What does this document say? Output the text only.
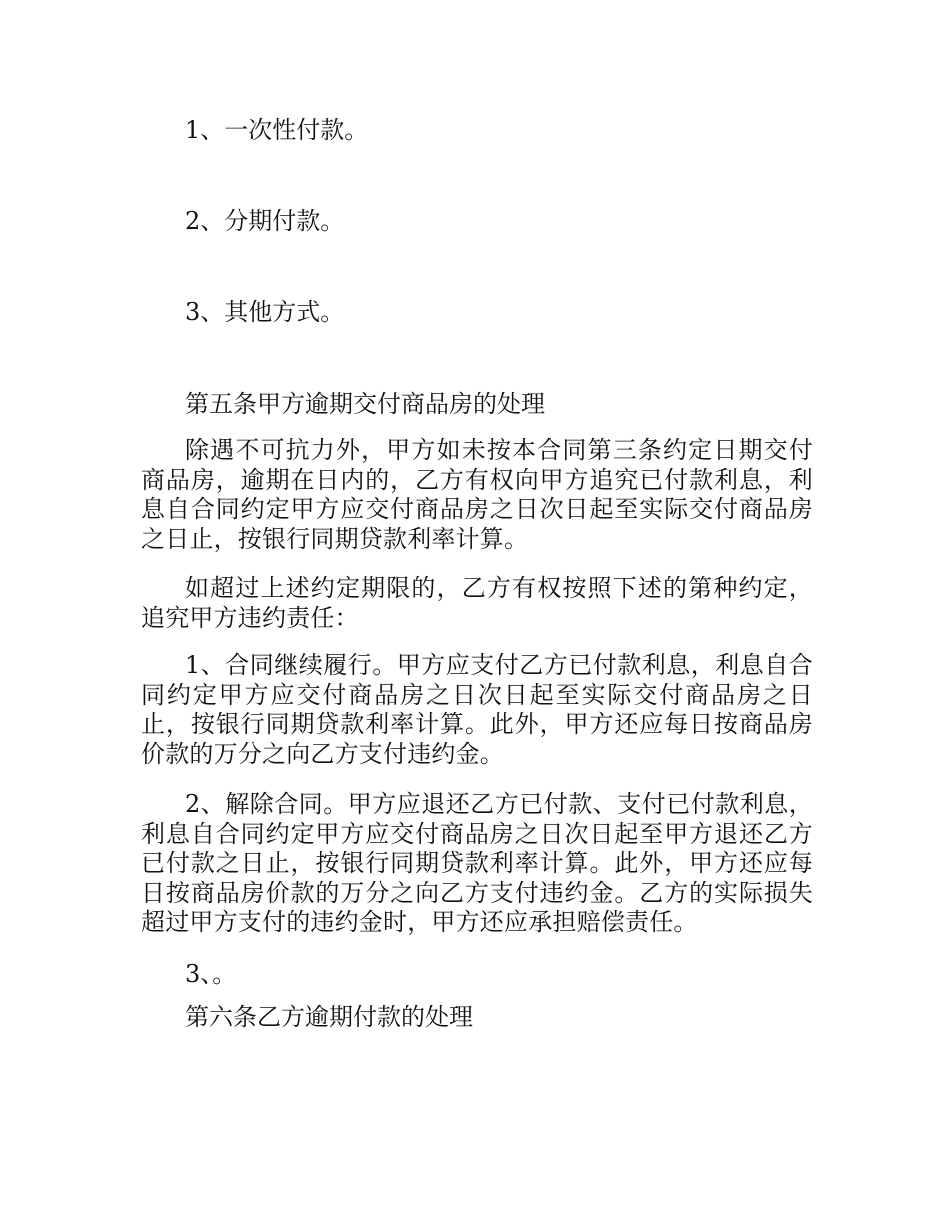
1、一次性付款。

2、分期付款。

3、其他方式。

第五条甲方逾期交付商品房的处理

除遇不可抗力外，甲方如未按本合同第三条约定日期交付商品房，逾期在日内的，乙方有权向甲方追究已付款利息，利息自合同约定甲方应交付商品房之日次日起至实际交付商品房之日止，按银行同期贷款利率计算。

如超过上述约定期限的，乙方有权按照下述的第种约定，追究甲方违约责任：

1、合同继续履行。甲方应支付乙方已付款利息，利息自合同约定甲方应交付商品房之日次日起至实际交付商品房之日止，按银行同期贷款利率计算。此外，甲方还应每日按商品房价款的万分之向乙方支付违约金。

2、解除合同。甲方应退还乙方已付款、支付已付款利息，利息自合同约定甲方应交付商品房之日次日起至甲方退还乙方已付款之日止，按银行同期贷款利率计算。此外，甲方还应每日按商品房价款的万分之向乙方支付违约金。乙方的实际损失超过甲方支付的违约金时，甲方还应承担赔偿责任。

3、。

第六条乙方逾期付款的处理
